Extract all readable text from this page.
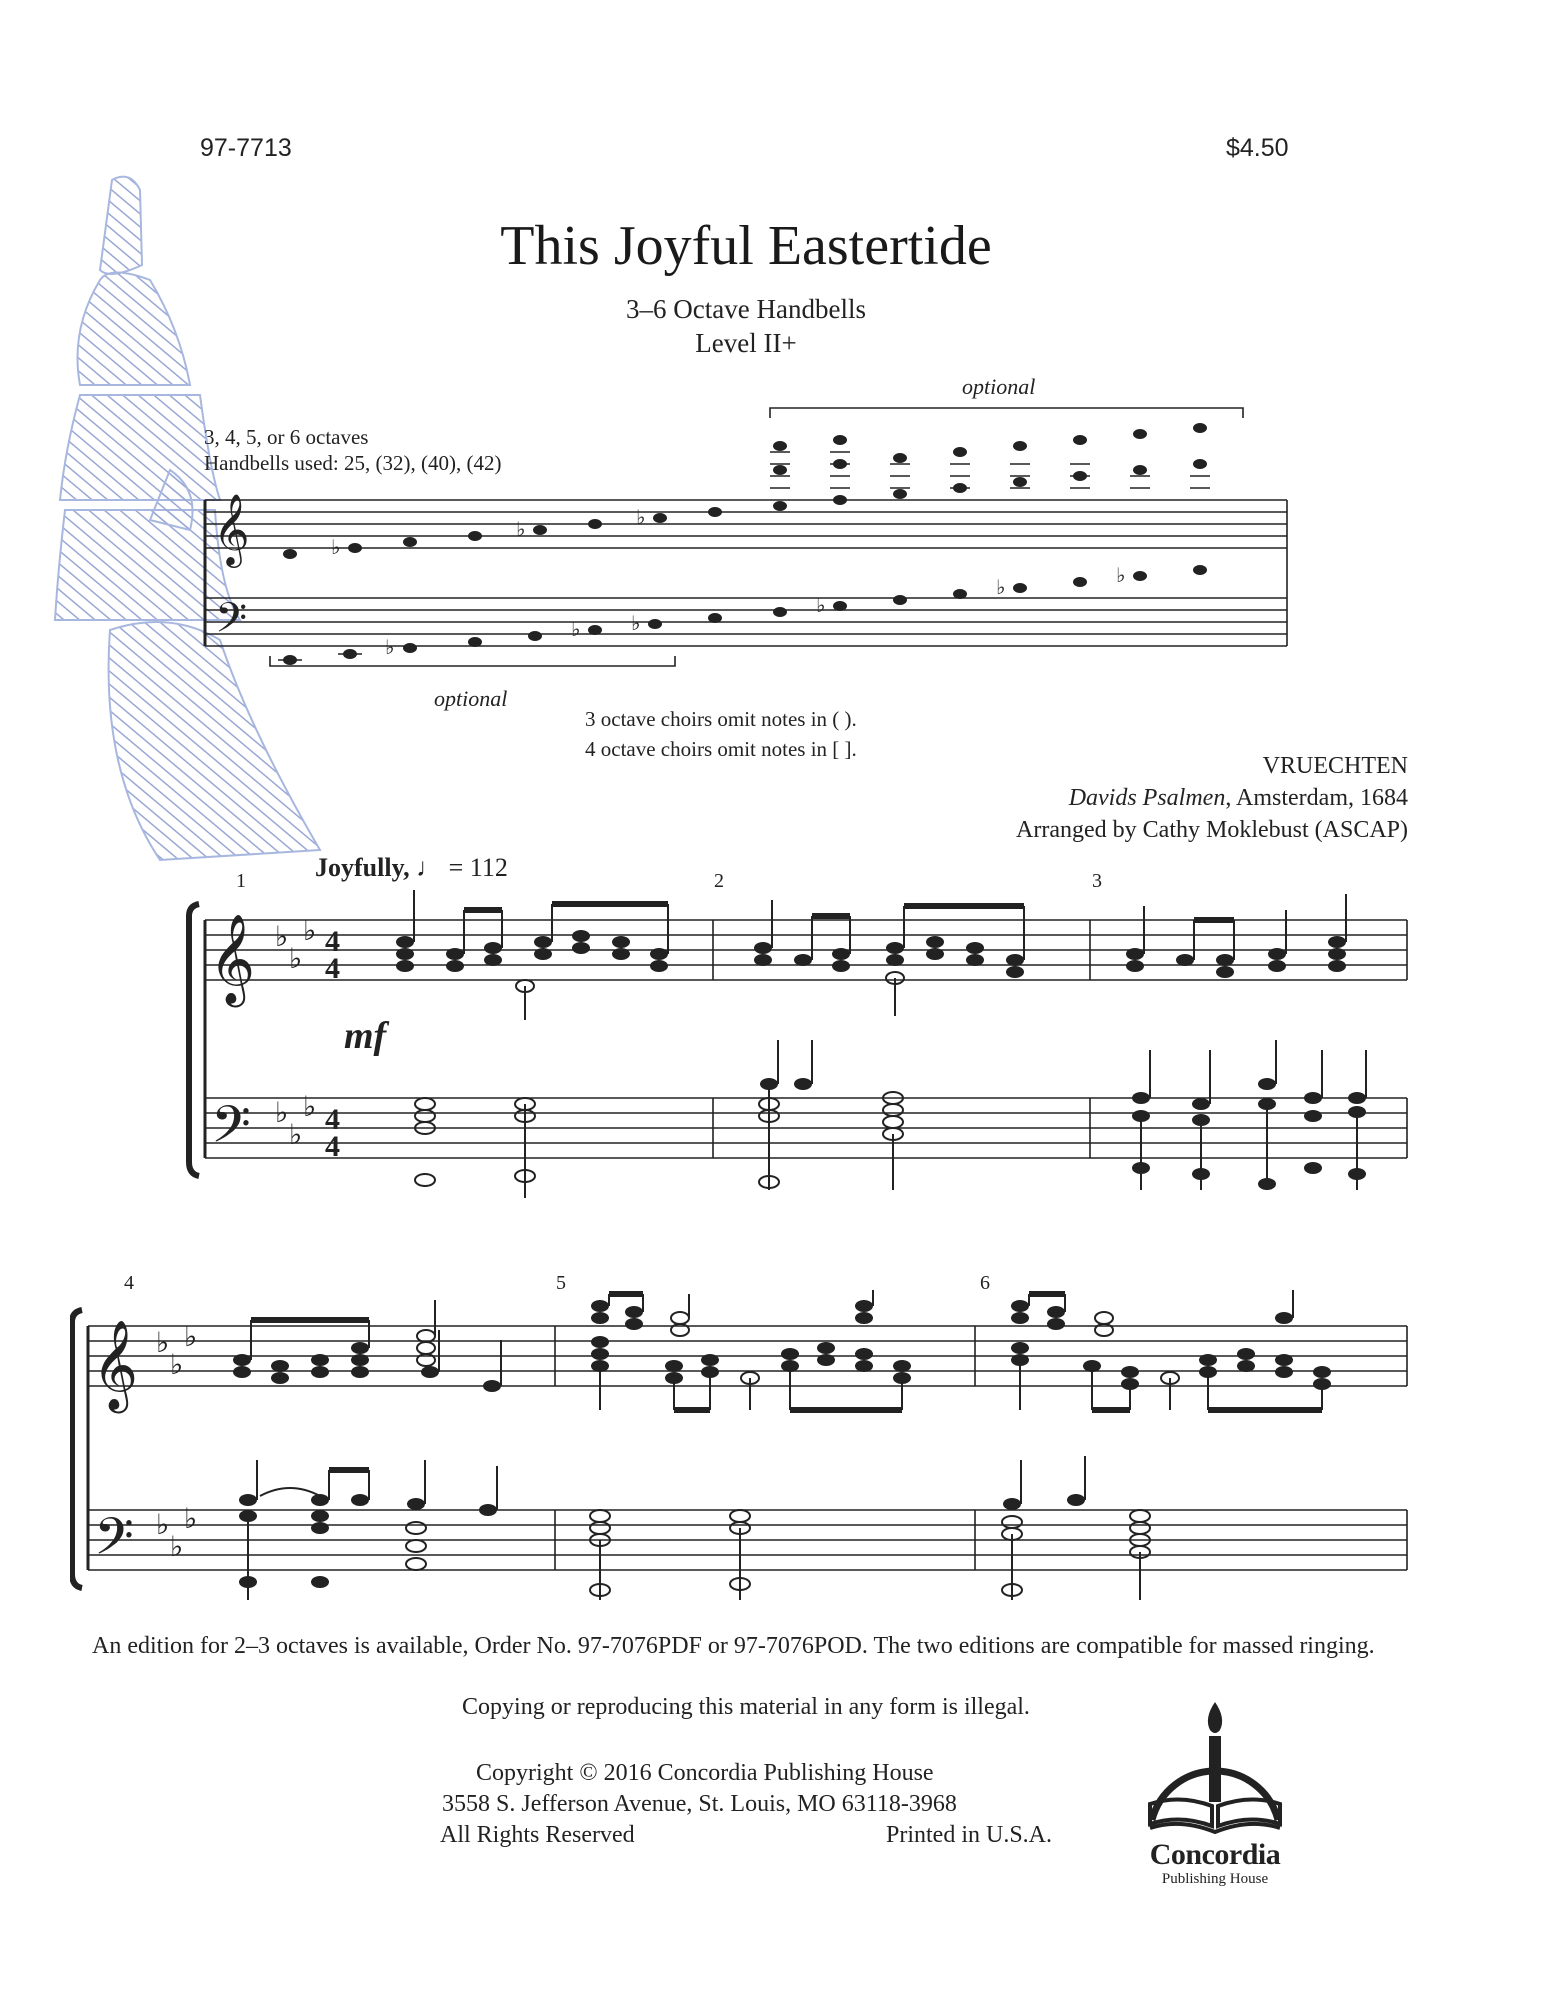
97-7713	$4.50
This Joyful Eastertide
3–6 Octave Handbells
Level II+
3, 4, 5, or 6 octaves
Handbells used: 25, (32), (40), (42)
optional
optional
3 octave choirs omit notes in ( ).
4 octave choirs omit notes in [ ].
𝄞
𝄢
♭
♭
♭
♭
♭	♭
♭
♭
♭
VRUECHTEN
Davids Psalmen, Amsterdam, 1684
Arranged by Cathy Moklebust (ASCAP)
Joyfully, ♩ = 112
1	2	3
4	5	6
mf
𝄞
𝄢
♭
♭
♭
♭
♭
♭
4
4
4
4
𝄞
𝄢
♭
♭
♭
♭
♭
♭
An edition for 2–3 octaves is available, Order No. 97-7076PDF or 97-7076POD. The two editions are compatible for massed ringing.
Copying or reproducing this material in any form is illegal.
Copyright © 2016 Concordia Publishing House
3558 S. Jefferson Avenue, St. Louis, MO 63118-3968
All Rights Reserved	Printed in U.S.A.
Concordia
Publishing House
